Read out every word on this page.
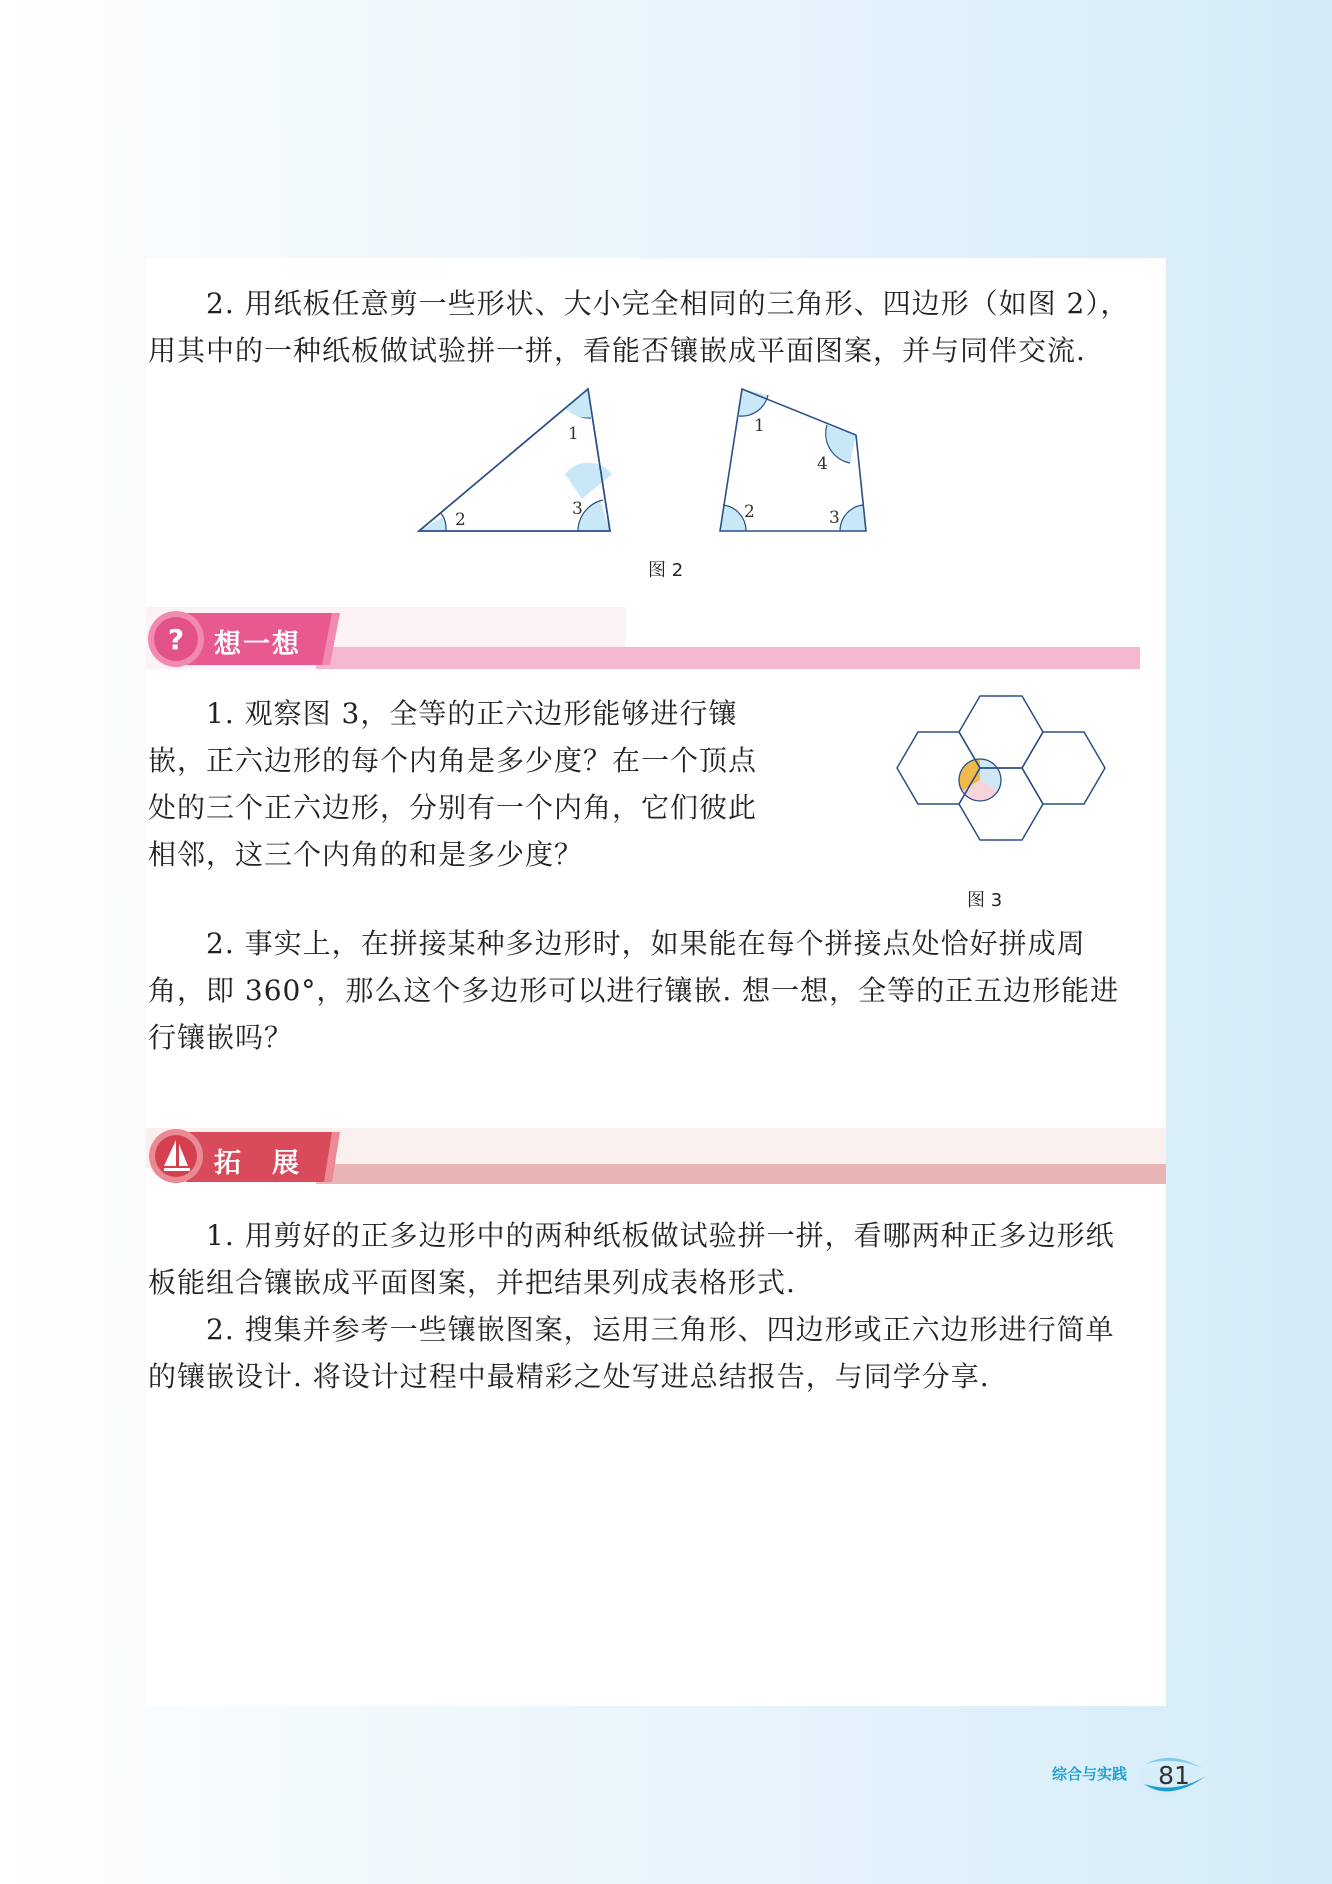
2. 用纸板任意剪一些形状、大小完全相同的三角形、四边形（如图 2），用其中的一种纸板做试验拼一拼，看能否镶嵌成平面图案，并与同伴交流.

1
2
3
1
2	3
4
图 2
? 想一想

1. 观察图 3，全等的正六边形能够进行镶嵌，正六边形的每个内角是多少度？在一个顶点处的三个正六边形，分别有一个内角，它们彼此相邻，这三个内角的和是多少度？

图 3

2. 事实上，在拼接某种多边形时，如果能在每个拼接点处恰好拼成周角，即 360°，那么这个多边形可以进行镶嵌. 想一想，全等的正五边形能进行镶嵌吗？

拓　展

1. 用剪好的正多边形中的两种纸板做试验拼一拼，看哪两种正多边形纸板能组合镶嵌成平面图案，并把结果列成表格形式.

2. 搜集并参考一些镶嵌图案，运用三角形、四边形或正六边形进行简单的镶嵌设计. 将设计过程中最精彩之处写进总结报告，与同学分享.

综合与实践	81
